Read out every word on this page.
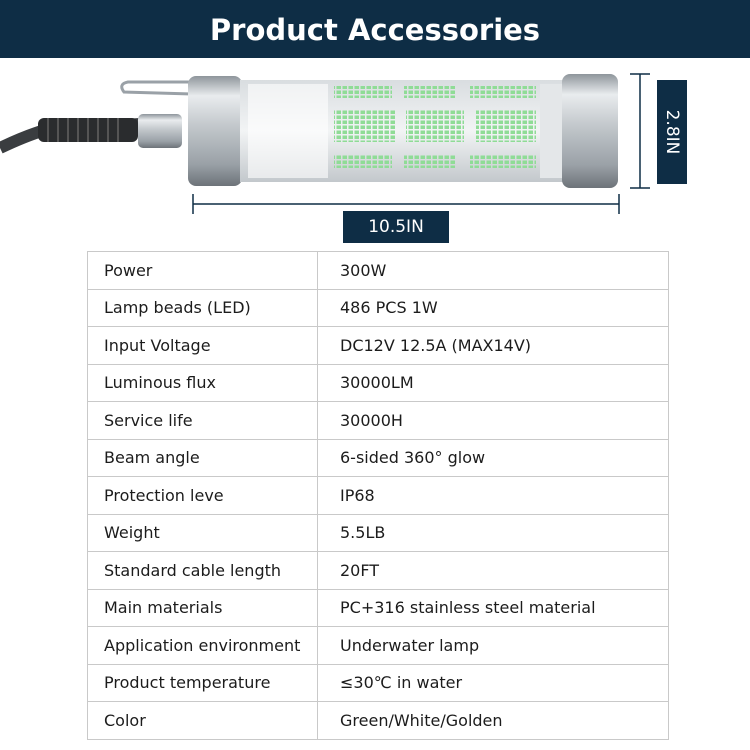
Product Accessories
10.5IN
2.8IN
Power	300W
Lamp beads (LED)	486 PCS 1W
Input Voltage	DC12V 12.5A (MAX14V)
Luminous flux	30000LM
Service life	30000H
Beam angle	6-sided 360° glow
Protection leve	IP68
Weight	5.5LB
Standard cable length	20FT
Main materials	PC+316 stainless steel material
Application environment	Underwater lamp
Product temperature	≤30℃ in water
Color	Green/White/Golden
